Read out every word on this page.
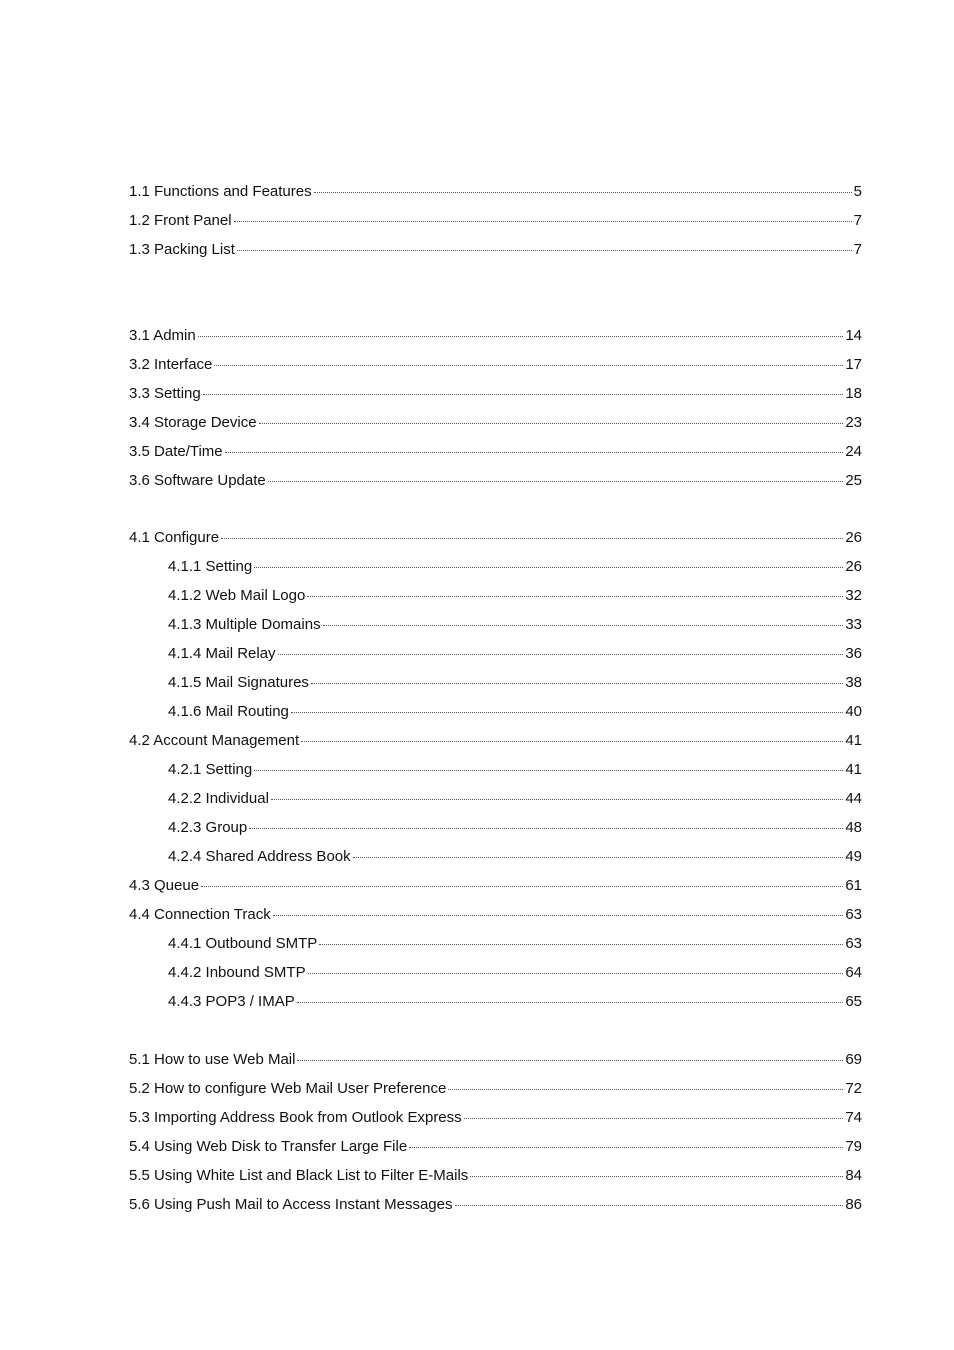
1.1 Functions and Features	5
1.2 Front Panel	7
1.3 Packing List	7
3.1 Admin	14
3.2 Interface	17
3.3 Setting	18
3.4 Storage Device	23
3.5 Date/Time	24
3.6 Software Update	25
4.1 Configure	26
4.1.1 Setting	26
4.1.2 Web Mail Logo	32
4.1.3 Multiple Domains	33
4.1.4 Mail Relay	36
4.1.5 Mail Signatures	38
4.1.6 Mail Routing	40
4.2 Account Management	41
4.2.1 Setting	41
4.2.2 Individual	44
4.2.3 Group	48
4.2.4 Shared Address Book	49
4.3 Queue	61
4.4 Connection Track	63
4.4.1 Outbound SMTP	63
4.4.2 Inbound SMTP	64
4.4.3 POP3 / IMAP	65
5.1 How to use Web Mail	69
5.2 How to configure Web Mail User Preference	72
5.3 Importing Address Book from Outlook Express	74
5.4 Using Web Disk to Transfer Large File	79
5.5 Using White List and Black List to Filter E-Mails	84
5.6 Using Push Mail to Access Instant Messages	86
